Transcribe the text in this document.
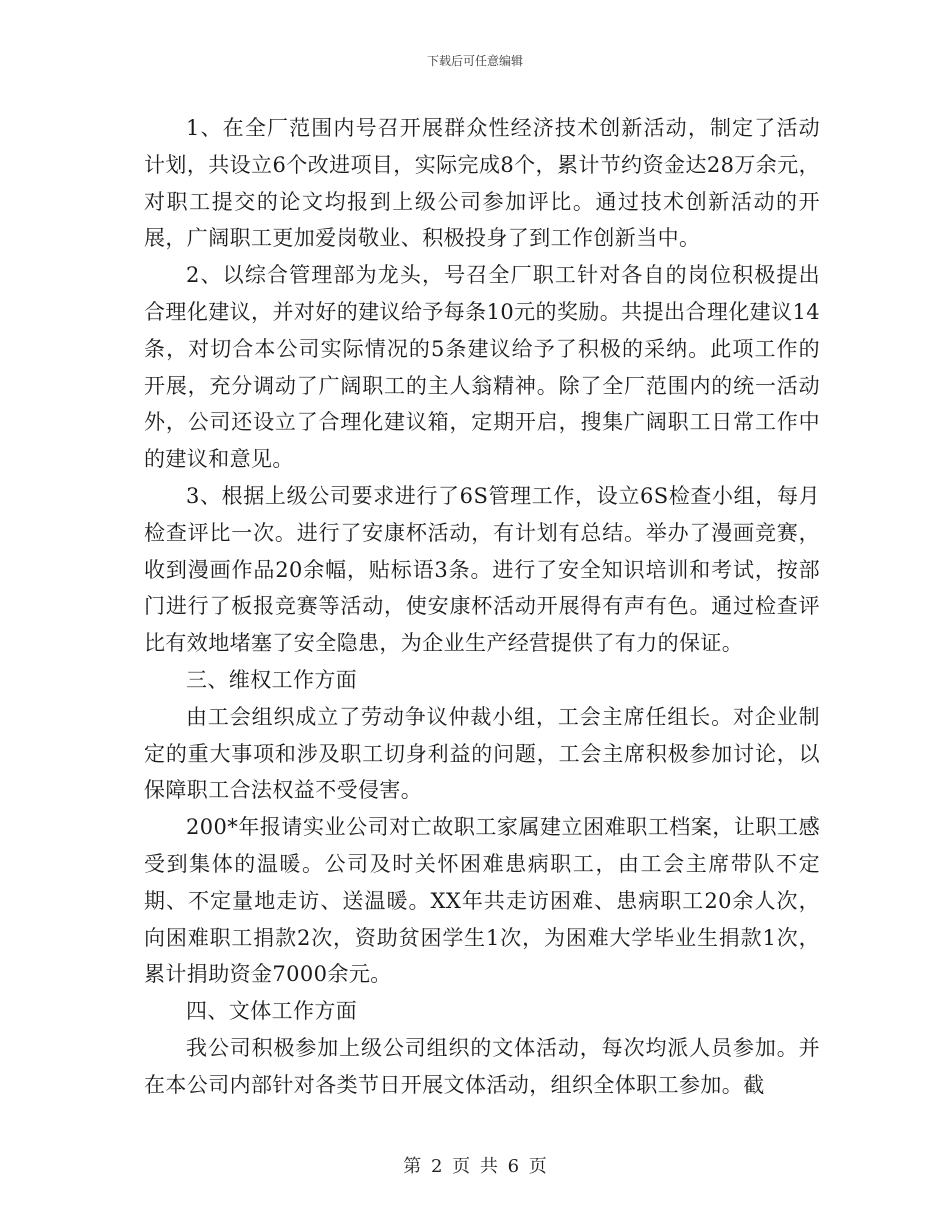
下载后可任意编辑

1、在全厂范围内号召开展群众性经济技术创新活动，制定了活动计划，共设立6个改进项目，实际完成8个，累计节约资金达28万余元，对职工提交的论文均报到上级公司参加评比。通过技术创新活动的开展，广阔职工更加爱岗敬业、积极投身了到工作创新当中。

2、以综合管理部为龙头，号召全厂职工针对各自的岗位积极提出合理化建议，并对好的建议给予每条10元的奖励。共提出合理化建议14条，对切合本公司实际情况的5条建议给予了积极的采纳。此项工作的开展，充分调动了广阔职工的主人翁精神。除了全厂范围内的统一活动外，公司还设立了合理化建议箱，定期开启，搜集广阔职工日常工作中的建议和意见。

3、根据上级公司要求进行了6S管理工作，设立6S检查小组，每月检查评比一次。进行了安康杯活动，有计划有总结。举办了漫画竞赛，收到漫画作品20余幅，贴标语3条。进行了安全知识培训和考试，按部门进行了板报竞赛等活动，使安康杯活动开展得有声有色。通过检查评比有效地堵塞了安全隐患，为企业生产经营提供了有力的保证。

三、维权工作方面

由工会组织成立了劳动争议仲裁小组，工会主席任组长。对企业制定的重大事项和涉及职工切身利益的问题，工会主席积极参加讨论，以保障职工合法权益不受侵害。

200*年报请实业公司对亡故职工家属建立困难职工档案，让职工感受到集体的温暖。公司及时关怀困难患病职工，由工会主席带队不定期、不定量地走访、送温暖。XX年共走访困难、患病职工20余人次，向困难职工捐款2次，资助贫困学生1次，为困难大学毕业生捐款1次，累计捐助资金7000余元。

四、文体工作方面

我公司积极参加上级公司组织的文体活动，每次均派人员参加。并在本公司内部针对各类节日开展文体活动，组织全体职工参加。截

第 2 页 共 6 页
